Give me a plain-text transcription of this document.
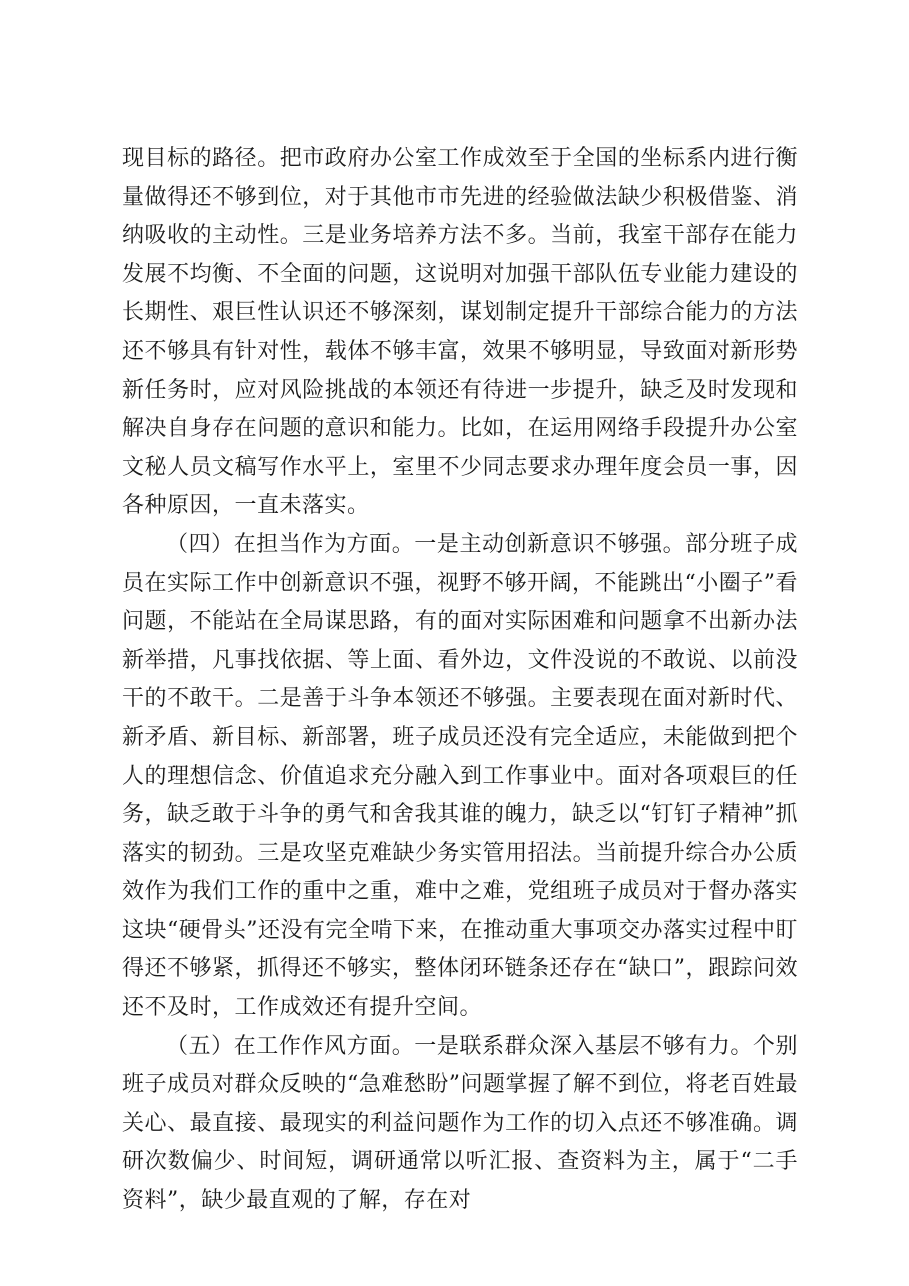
现目标的路径。把市政府办公室工作成效至于全国的坐标系内进行衡量做得还不够到位，对于其他市市先进的经验做法缺少积极借鉴、消纳吸收的主动性。三是业务培养方法不多。当前，我室干部存在能力发展不均衡、不全面的问题，这说明对加强干部队伍专业能力建设的长期性、艰巨性认识还不够深刻，谋划制定提升干部综合能力的方法还不够具有针对性，载体不够丰富，效果不够明显，导致面对新形势新任务时，应对风险挑战的本领还有待进一步提升，缺乏及时发现和解决自身存在问题的意识和能力。比如，在运用网络手段提升办公室文秘人员文稿写作水平上，室里不少同志要求办理年度会员一事，因各种原因，一直未落实。

（四）在担当作为方面。一是主动创新意识不够强。部分班子成员在实际工作中创新意识不强，视野不够开阔，不能跳出“小圈子”看问题，不能站在全局谋思路，有的面对实际困难和问题拿不出新办法新举措，凡事找依据、等上面、看外边，文件没说的不敢说、以前没干的不敢干。二是善于斗争本领还不够强。主要表现在面对新时代、新矛盾、新目标、新部署，班子成员还没有完全适应，未能做到把个人的理想信念、价值追求充分融入到工作事业中。面对各项艰巨的任务，缺乏敢于斗争的勇气和舍我其谁的魄力，缺乏以“钉钉子精神”抓落实的韧劲。三是攻坚克难缺少务实管用招法。当前提升综合办公质效作为我们工作的重中之重，难中之难，党组班子成员对于督办落实这块“硬骨头”还没有完全啃下来，在推动重大事项交办落实过程中盯得还不够紧，抓得还不够实，整体闭环链条还存在“缺口”，跟踪问效还不及时，工作成效还有提升空间。

（五）在工作作风方面。一是联系群众深入基层不够有力。个别班子成员对群众反映的“急难愁盼”问题掌握了解不到位，将老百姓最关心、最直接、最现实的利益问题作为工作的切入点还不够准确。调研次数偏少、时间短，调研通常以听汇报、查资料为主，属于“二手资料”，缺少最直观的了解，存在对
